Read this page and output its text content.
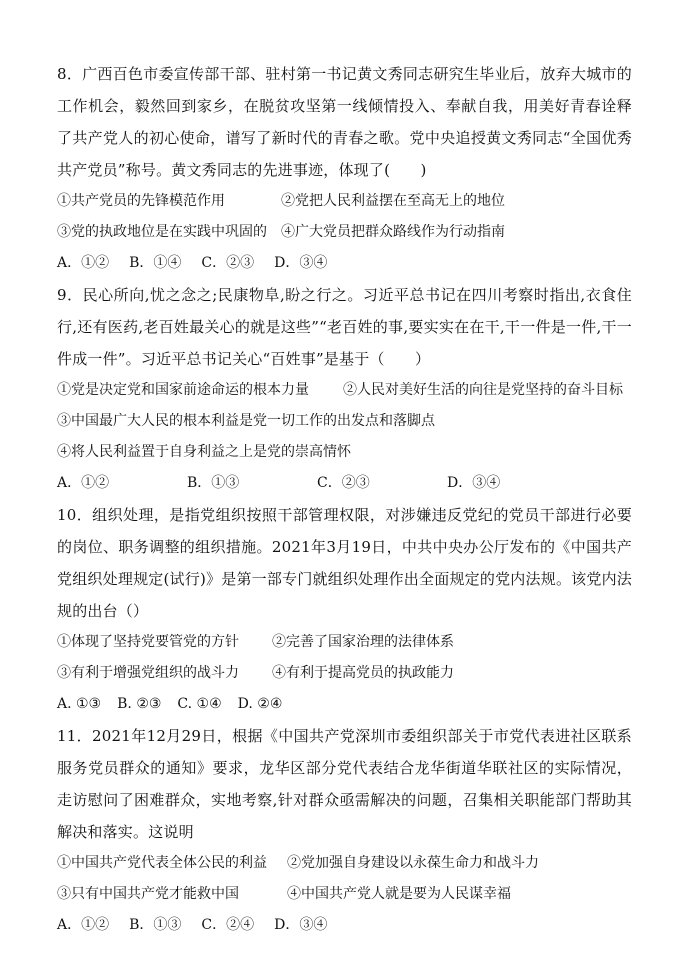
8．广西百色市委宣传部干部、驻村第一书记黄文秀同志研究生毕业后，放弃大城市的工作机会，毅然回到家乡，在脱贫攻坚第一线倾情投入、奉献自我，用美好青春诠释了共产党人的初心使命，谱写了新时代的青春之歌。党中央追授黄文秀同志“全国优秀共产党员”称号。黄文秀同志的先进事迹，体现了(　　)

①共产党员的先锋模范作用	②党把人民利益摆在至高无上的地位
③党的执政地位是在实践中巩固的	④广大党员把群众路线作为行动指南
A．①② B．①④ C．②③ D．③④

9．民心所向,忧之念之;民康物阜,盼之行之。习近平总书记在四川考察时指出,衣食住行,还有医药,老百姓最关心的就是这些”“老百姓的事,要实实在在干,干一件是一件,干一件成一件”。习近平总书记关心“百姓事”是基于（　　）

①党是决定党和国家前途命运的根本力量	②人民对美好生活的向往是党坚持的奋斗目标
③中国最广大人民的根本利益是党一切工作的出发点和落脚点
④将人民利益置于自身利益之上是党的崇高情怀
A．①②	B．①③	C．②③	D．③④

10．组织处理，是指党组织按照干部管理权限，对涉嫌违反党纪的党员干部进行必要的岗位、职务调整的组织措施。2021年3月19日，中共中央办公厅发布的《中国共产党组织处理规定(试行)》是第一部专门就组织处理作出全面规定的党内法规。该党内法规的出台（）

①体现了坚持党要管党的方针	②完善了国家治理的法律体系
③有利于增强党组织的战斗力	④有利于提高党员的执政能力
A. ①③ B. ②③ C. ①④ D. ②④

11．2021年12月29日，根据《中国共产党深圳市委组织部关于市党代表进社区联系服务党员群众的通知》要求，龙华区部分党代表结合龙华街道华联社区的实际情况，走访慰问了困难群众，实地考察,针对群众亟需解决的问题，召集相关职能部门帮助其解决和落实。这说明

①中国共产党代表全体公民的利益	②党加强自身建设以永葆生命力和战斗力
③只有中国共产党才能救中国	④中国共产党人就是要为人民谋幸福
A．①② B．①③ C．②④ D．③④
